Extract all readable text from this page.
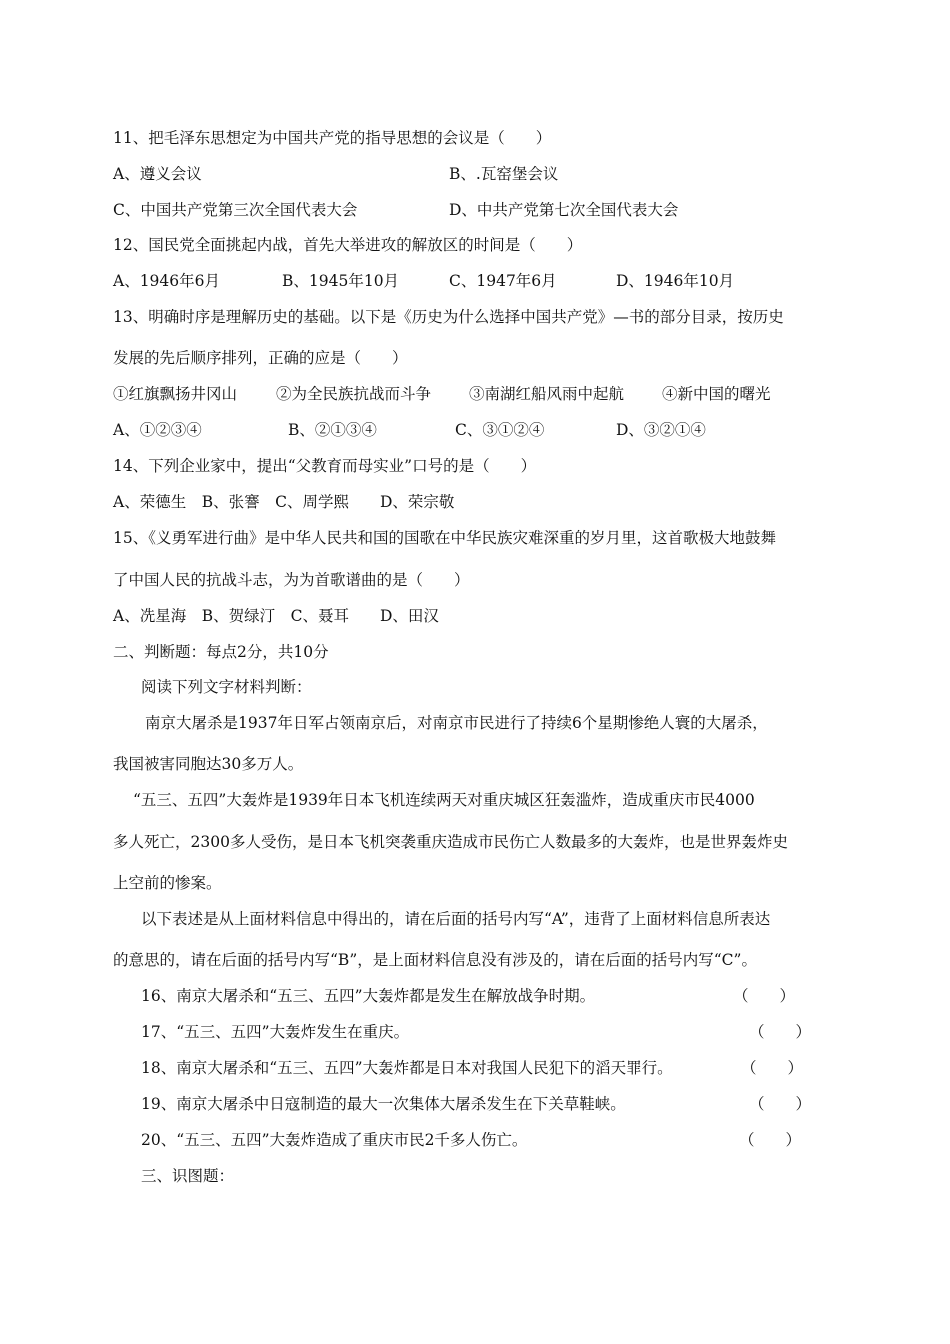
11、把毛泽东思想定为中国共产党的指导思想的会议是（　　）
A、遵义会议	B、.瓦窑堡会议
C、中国共产党第三次全国代表大会	D、中共产党第七次全国代表大会
12、国民党全面挑起内战，首先大举进攻的解放区的时间是（　　）
A、1946年6月	B、1945年10月	C、1947年6月	D、1946年10月
13、明确时序是理解历史的基础。以下是《历史为什么选择中国共产党》—书的部分目录，按历史
发展的先后顺序排列，正确的应是（　　）
①红旗飘扬井冈山	②为全民族抗战而斗争 ③南湖红船风雨中起航 ④新中国的曙光
A、①②③④	B、②①③④	C、③①②④	D、③②①④
14、下列企业家中，提出“父教育而母实业”口号的是（　　）
A、荣德生　B、张謇　C、周学熙　　D、荣宗敬
15、《义勇军进行曲》是中华人民共和国的国歌在中华民族灾难深重的岁月里，这首歌极大地鼓舞
了中国人民的抗战斗志，为为首歌谱曲的是（　　）
A、冼星海　B、贺绿汀　C、聂耳　　D、田汉
二、判断题：每点2分，共10分
阅读下列文字材料判断：
南京大屠杀是1937年日军占领南京后，对南京市民进行了持续6个星期惨绝人寰的大屠杀，
我国被害同胞达30多万人。
“五三、五四”大轰炸是1939年日本飞机连续两天对重庆城区狂轰滥炸，造成重庆市民4000
多人死亡，2300多人受伤，是日本飞机突袭重庆造成市民伤亡人数最多的大轰炸，也是世界轰炸史
上空前的惨案。
以下表述是从上面材料信息中得出的，请在后面的括号内写“A”，违背了上面材料信息所表达
的意思的，请在后面的括号内写“B”，是上面材料信息没有涉及的，请在后面的括号内写“C”。
16、南京大屠杀和“五三、五四”大轰炸都是发生在解放战争时期。	（　　）
17、“五三、五四”大轰炸发生在重庆。	（　　）
18、南京大屠杀和“五三、五四”大轰炸都是日本对我国人民犯下的滔天罪行。	（　　）
19、南京大屠杀中日寇制造的最大一次集体大屠杀发生在下关草鞋峡。	（　　）
20、“五三、五四”大轰炸造成了重庆市民2千多人伤亡。	（　　）
三、识图题：
